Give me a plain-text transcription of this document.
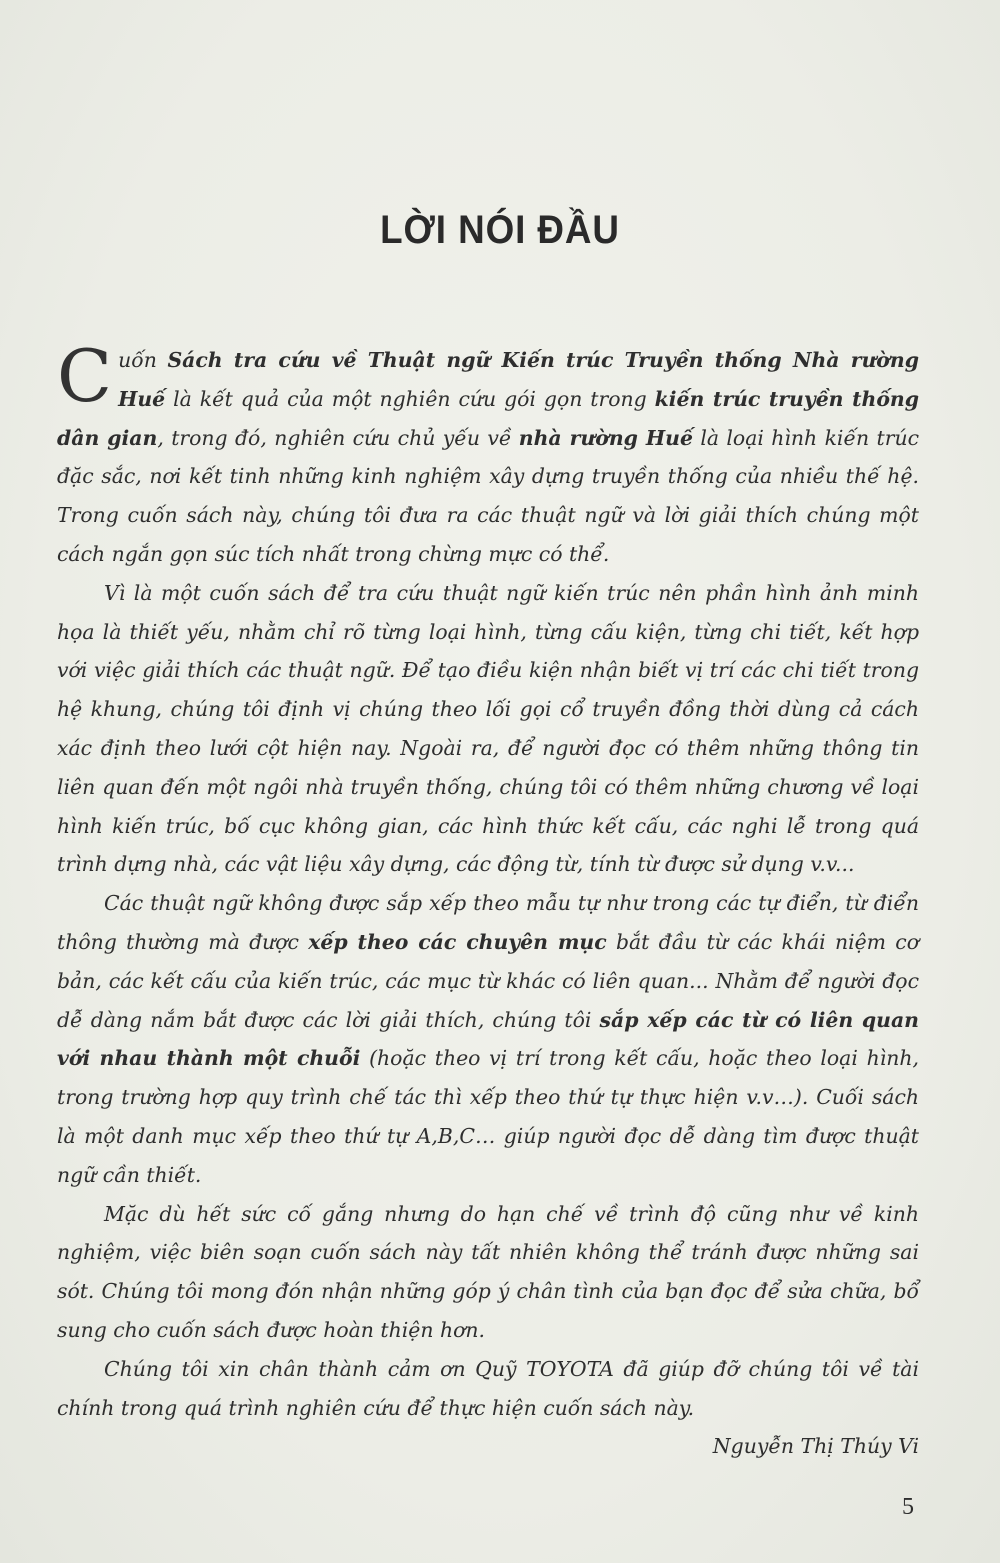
LỜI NÓI ĐẦU

Cuốn Sách tra cứu về Thuật ngữ Kiến trúc Truyền thống Nhà rường Huế là kết quả của một nghiên cứu gói gọn trong kiến trúc truyền thống dân gian, trong đó, nghiên cứu chủ yếu về nhà rường Huế là loại hình kiến trúc đặc sắc, nơi kết tinh những kinh nghiệm xây dựng truyền thống của nhiều thế hệ. Trong cuốn sách này, chúng tôi đưa ra các thuật ngữ và lời giải thích chúng một cách ngắn gọn súc tích nhất trong chừng mực có thể.

Vì là một cuốn sách để tra cứu thuật ngữ kiến trúc nên phần hình ảnh minh họa là thiết yếu, nhằm chỉ rõ từng loại hình, từng cấu kiện, từng chi tiết, kết hợp với việc giải thích các thuật ngữ. Để tạo điều kiện nhận biết vị trí các chi tiết trong hệ khung, chúng tôi định vị chúng theo lối gọi cổ truyền đồng thời dùng cả cách xác định theo lưới cột hiện nay. Ngoài ra, để người đọc có thêm những thông tin liên quan đến một ngôi nhà truyền thống, chúng tôi có thêm những chương về loại hình kiến trúc, bố cục không gian, các hình thức kết cấu, các nghi lễ trong quá trình dựng nhà, các vật liệu xây dựng, các động từ, tính từ được sử dụng v.v...

Các thuật ngữ không được sắp xếp theo mẫu tự như trong các tự điển, từ điển thông thường mà được xếp theo các chuyên mục bắt đầu từ các khái niệm cơ bản, các kết cấu của kiến trúc, các mục từ khác có liên quan... Nhằm để người đọc dễ dàng nắm bắt được các lời giải thích, chúng tôi sắp xếp các từ có liên quan với nhau thành một chuỗi (hoặc theo vị trí trong kết cấu, hoặc theo loại hình, trong trường hợp quy trình chế tác thì xếp theo thứ tự thực hiện v.v…). Cuối sách là một danh mục xếp theo thứ tự A,B,C… giúp người đọc dễ dàng tìm được thuật ngữ cần thiết.

Mặc dù hết sức cố gắng nhưng do hạn chế về trình độ cũng như về kinh nghiệm, việc biên soạn cuốn sách này tất nhiên không thể tránh được những sai sót. Chúng tôi mong đón nhận những góp ý chân tình của bạn đọc để sửa chữa, bổ sung cho cuốn sách được hoàn thiện hơn.

Chúng tôi xin chân thành cảm ơn Quỹ TOYOTA đã giúp đỡ chúng tôi về tài chính trong quá trình nghiên cứu để thực hiện cuốn sách này.

Nguyễn Thị Thúy Vi

5
